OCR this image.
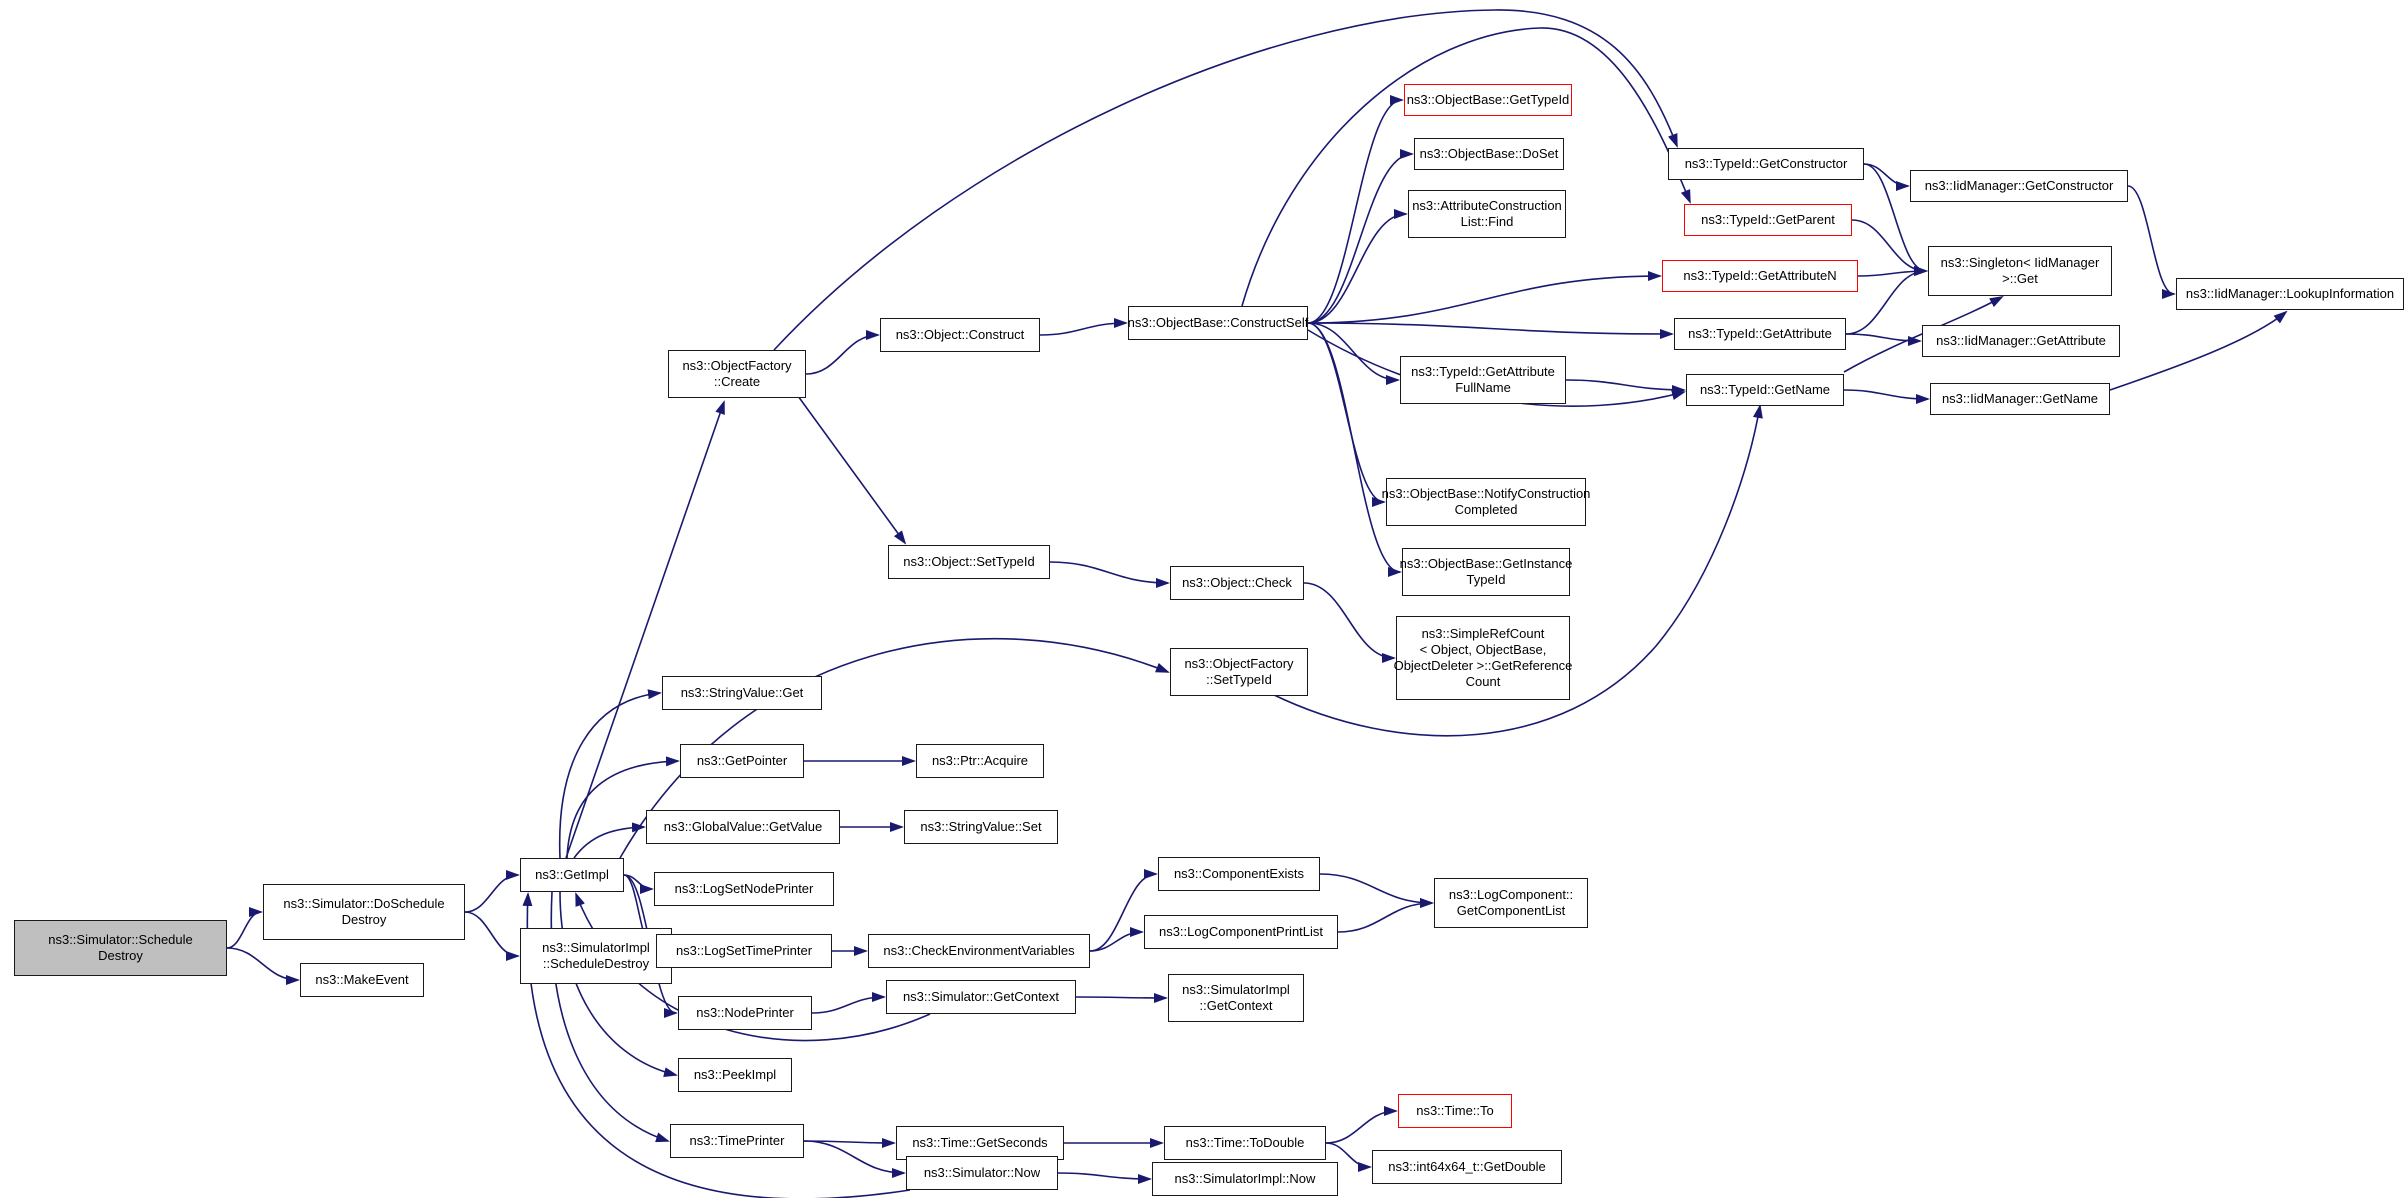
ns3::Simulator::Schedule
Destroy
ns3::Simulator::DoSchedule
Destroy
ns3::MakeEvent
ns3::SimulatorImpl
::ScheduleDestroy
ns3::GetImpl
ns3::ObjectFactory
::Create
ns3::Object::Construct
ns3::ObjectBase::ConstructSelf
ns3::ObjectBase::GetTypeId
ns3::ObjectBase::DoSet
ns3::AttributeConstruction
List::Find
ns3::TypeId::GetConstructor
ns3::TypeId::GetParent
ns3::TypeId::GetAttributeN
ns3::TypeId::GetAttribute
ns3::TypeId::GetName
ns3::IidManager::GetConstructor
ns3::Singleton< IidManager
>::Get
ns3::IidManager::GetAttribute
ns3::IidManager::GetName
ns3::IidManager::LookupInformation
ns3::TypeId::GetAttribute
FullName
ns3::ObjectBase::NotifyConstruction
Completed
ns3::ObjectBase::GetInstance
TypeId
ns3::SimpleRefCount
< Object, ObjectBase,
ObjectDeleter >::GetReference
Count
ns3::Object::SetTypeId
ns3::Object::Check
ns3::ObjectFactory
::SetTypeId
ns3::StringValue::Get
ns3::GetPointer	ns3::Ptr::Acquire
ns3::GlobalValue::GetValue	ns3::StringValue::Set
ns3::LogSetNodePrinter
ns3::LogSetTimePrinter	ns3::CheckEnvironmentVariables
ns3::ComponentExists
ns3::LogComponentPrintList
ns3::LogComponent::
GetComponentList
ns3::NodePrinter
ns3::Simulator::GetContext	ns3::SimulatorImpl
::GetContext
ns3::PeekImpl
ns3::TimePrinter	ns3::Time::GetSeconds	ns3::Time::ToDouble
ns3::Time::To
ns3::int64x64_t::GetDouble
ns3::Simulator::Now	ns3::SimulatorImpl::Now
